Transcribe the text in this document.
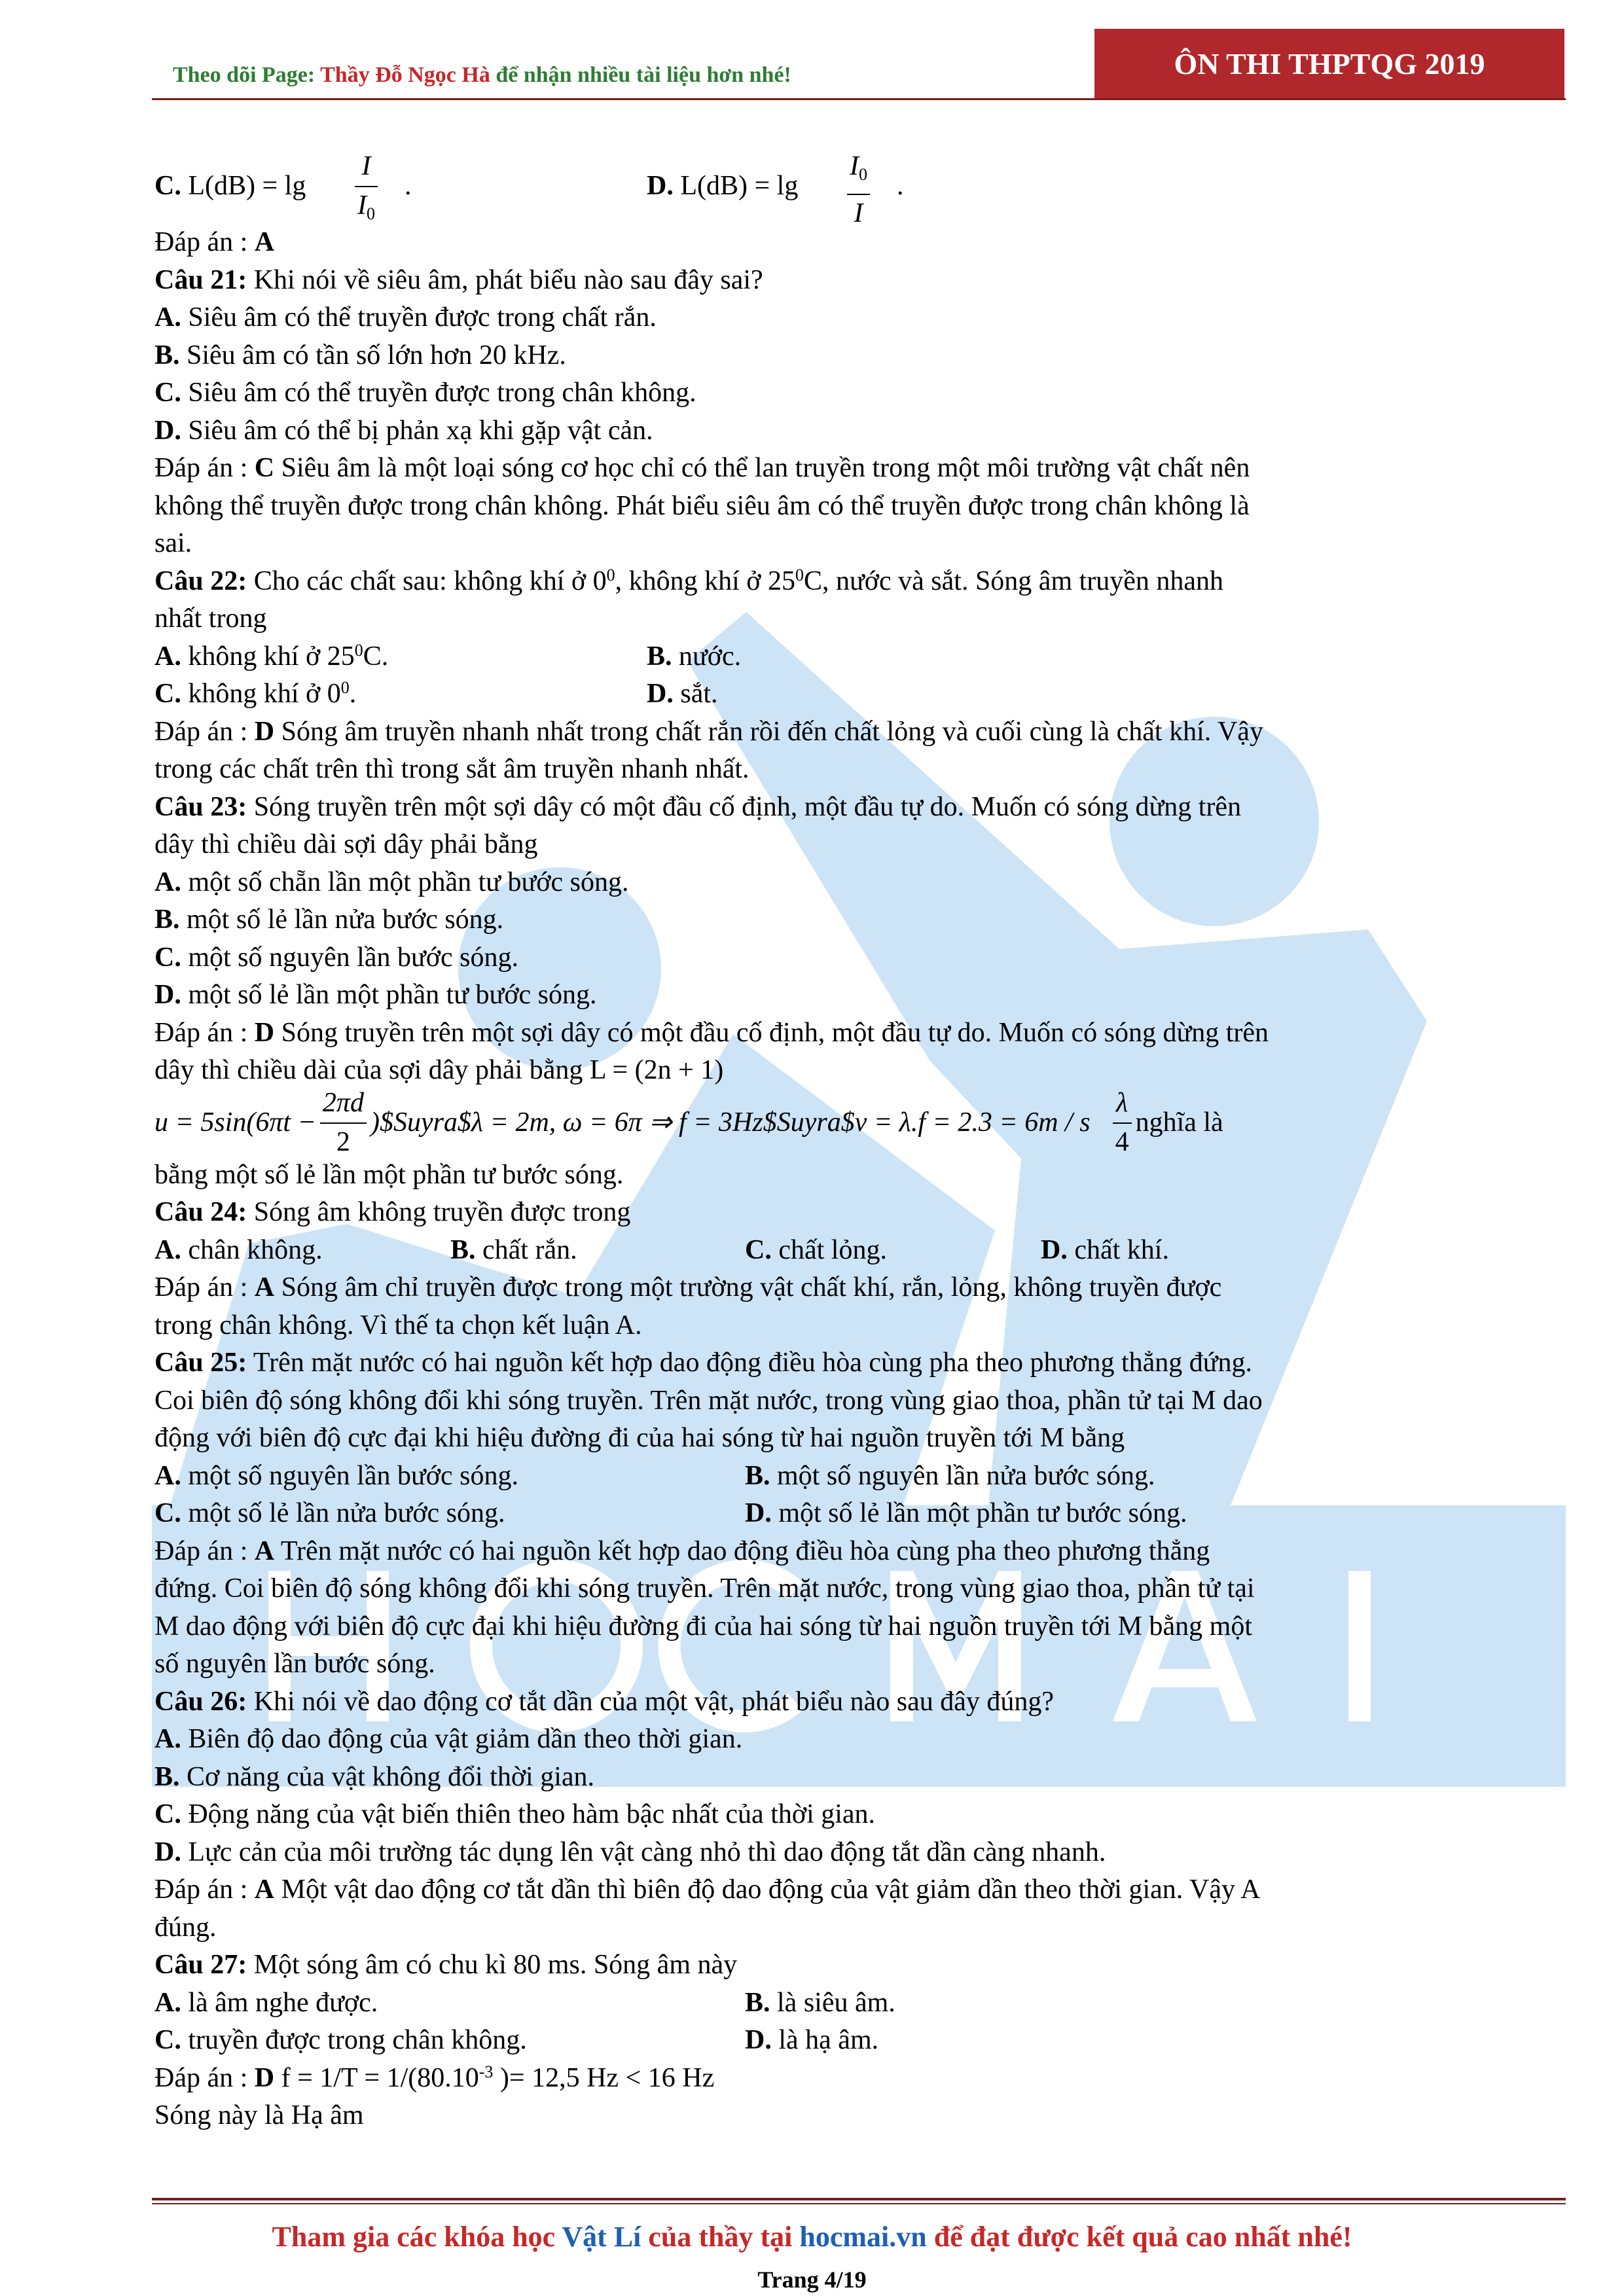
Theo dõi Page: Thầy Đỗ Ngọc Hà để nhận nhiều tài liệu hơn nhé!	ÔN THI THPTQG 2019
C. $L(dB) = \lg \frac{I}{I0}$ .	D. $L(dB) = \lg \frac{I0}{I}$ .
Đáp án : A
Câu 21: Khi nói về siêu âm, phát biểu nào sau đây sai?
A. Siêu âm có thể truyền được trong chất rắn.
B. Siêu âm có tần số lớn hơn 20 kHz.
C. Siêu âm có thể truyền được trong chân không.
D. Siêu âm có thể bị phản xạ khi gặp vật cản.
Đáp án : C Siêu âm là một loại sóng cơ học chỉ có thể lan truyền trong một môi trường vật chất nên
không thể truyền được trong chân không. Phát biểu siêu âm có thể truyền được trong chân không là
sai.
Câu 22: Cho các chất sau: không khí ở $0^0$, không khí ở $25^0C$, nước và sắt. Sóng âm truyền nhanh
nhất trong
A. không khí ở $25^0C$.	B. nước.
C. không khí ở $0^0$.	D. sắt.
Đáp án : D Sóng âm truyền nhanh nhất trong chất rắn rồi đến chất lỏng và cuối cùng là chất khí. Vậy
trong các chất trên thì trong sắt âm truyền nhanh nhất.
Câu 23: Sóng truyền trên một sợi dây có một đầu cố định, một đầu tự do. Muốn có sóng dừng trên
dây thì chiều dài sợi dây phải bằng
A. một số chẵn lần một phần tư bước sóng.
B. một số lẻ lần nửa bước sóng.
C. một số nguyên lần bước sóng.
D. một số lẻ lần một phần tư bước sóng.
Đáp án : D Sóng truyền trên một sợi dây có một đầu cố định, một đầu tự do. Muốn có sóng dừng trên
dây thì chiều dài của sợi dây phải bằng L = (2n + 1)
$u = 5\sin(6\pi t - \frac{2\pi d}{2}$ )$Suyra$λ = 2m, ω = 6π ⇒ f = 3Hz$Suyra$v = λ.f = 2.3 = 6m / s $\frac{\lambda}{4}$ nghĩa là
bằng một số lẻ lần một phần tư bước sóng.
Câu 24: Sóng âm không truyền được trong
A. chân không.	B. chất rắn.	C. chất lỏng.	D. chất khí.
Đáp án : A Sóng âm chỉ truyền được trong một trường vật chất khí, rắn, lỏng, không truyền được
trong chân không. Vì thế ta chọn kết luận A.
Câu 25: Trên mặt nước có hai nguồn kết hợp dao động điều hòa cùng pha theo phương thẳng đứng.
Coi biên độ sóng không đổi khi sóng truyền. Trên mặt nước, trong vùng giao thoa, phần tử tại M dao
động với biên độ cực đại khi hiệu đường đi của hai sóng từ hai nguồn truyền tới M bằng
A. một số nguyên lần bước sóng.	B. một số nguyên lần nửa bước sóng.
C. một số lẻ lần nửa bước sóng.	D. một số lẻ lần một phần tư bước sóng.
Đáp án : A Trên mặt nước có hai nguồn kết hợp dao động điều hòa cùng pha theo phương thẳng
đứng. Coi biên độ sóng không đổi khi sóng truyền. Trên mặt nước, trong vùng giao thoa, phần tử tại
M dao động với biên độ cực đại khi hiệu đường đi của hai sóng từ hai nguồn truyền tới M bằng một
số nguyên lần bước sóng.
Câu 26: Khi nói về dao động cơ tắt dần của một vật, phát biểu nào sau đây đúng?
A. Biên độ dao động của vật giảm dần theo thời gian.
B. Cơ năng của vật không đổi thời gian.
C. Động năng của vật biến thiên theo hàm bậc nhất của thời gian.
D. Lực cản của môi trường tác dụng lên vật càng nhỏ thì dao động tắt dần càng nhanh.
Đáp án : A Một vật dao động cơ tắt dần thì biên độ dao động của vật giảm dần theo thời gian. Vậy A
đúng.
Câu 27: Một sóng âm có chu kì 80 ms. Sóng âm này
A. là âm nghe được.	B. là siêu âm.
C. truyền được trong chân không.	D. là hạ âm.
Đáp án : D $f = 1/T = 1/(80.10^{-3}$ )= 12,5 Hz < 16 Hz
Sóng này là Hạ âm
Tham gia các khóa học Vật Lí của thầy tại hocmai.vn để đạt được kết quả cao nhất nhé!
Trang 4/19
